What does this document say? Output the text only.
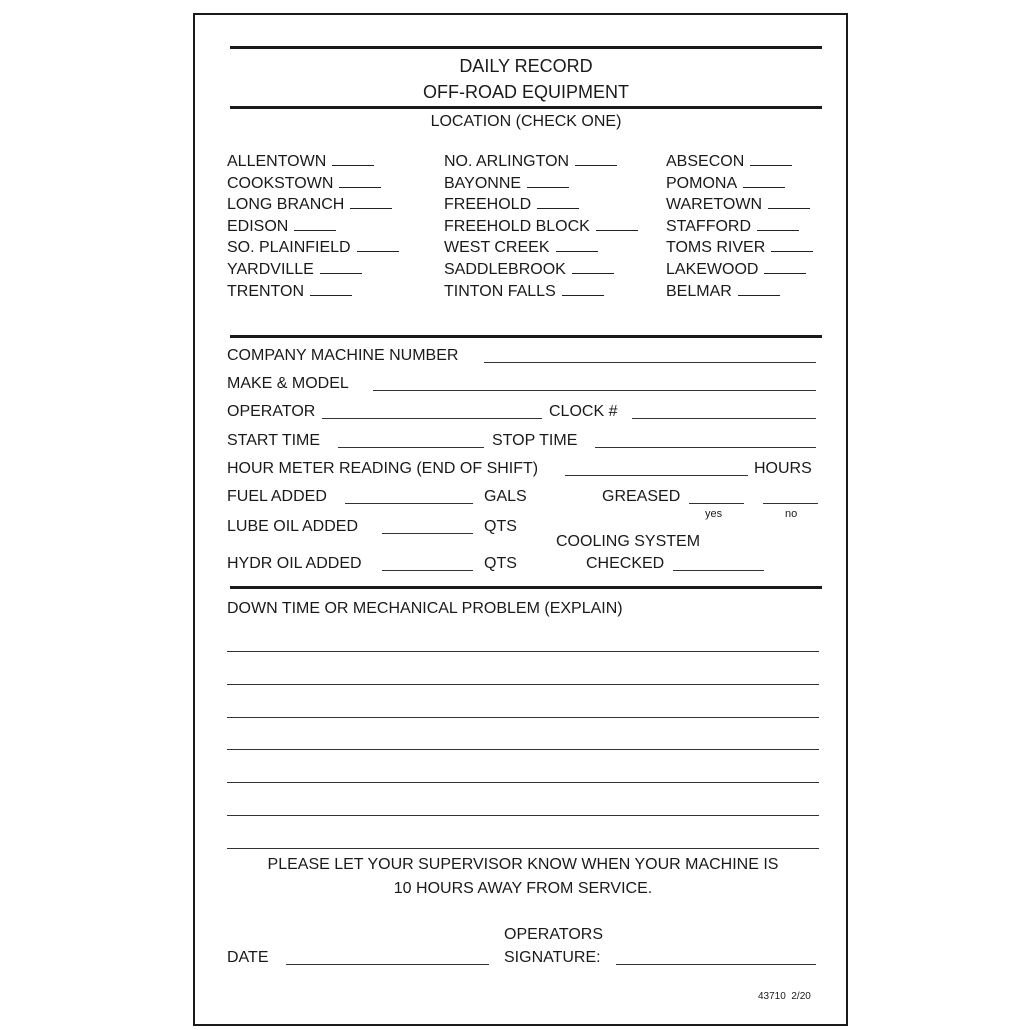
DAILY RECORD
OFF-ROAD EQUIPMENT
LOCATION (CHECK ONE)
ALLENTOWN
COOKSTOWN
LONG BRANCH
EDISON
SO. PLAINFIELD
YARDVILLE
TRENTON
NO. ARLINGTON
BAYONNE
FREEHOLD
FREEHOLD BLOCK
WEST CREEK
SADDLEBROOK
TINTON FALLS
ABSECON
POMONA
WARETOWN
STAFFORD
TOMS RIVER
LAKEWOOD
BELMAR
COMPANY MACHINE NUMBER
MAKE & MODEL
OPERATOR	CLOCK #
START TIME	STOP TIME
HOUR METER READING (END OF SHIFT)	HOURS
FUEL ADDED	GALS	GREASED
yes	no
LUBE OIL ADDED	QTS
COOLING SYSTEM
HYDR OIL ADDED	QTS	CHECKED
DOWN TIME OR MECHANICAL PROBLEM (EXPLAIN)
PLEASE LET YOUR SUPERVISOR KNOW WHEN YOUR MACHINE IS
10 HOURS AWAY FROM SERVICE.
OPERATORS
DATE	SIGNATURE:
43710 2/20
